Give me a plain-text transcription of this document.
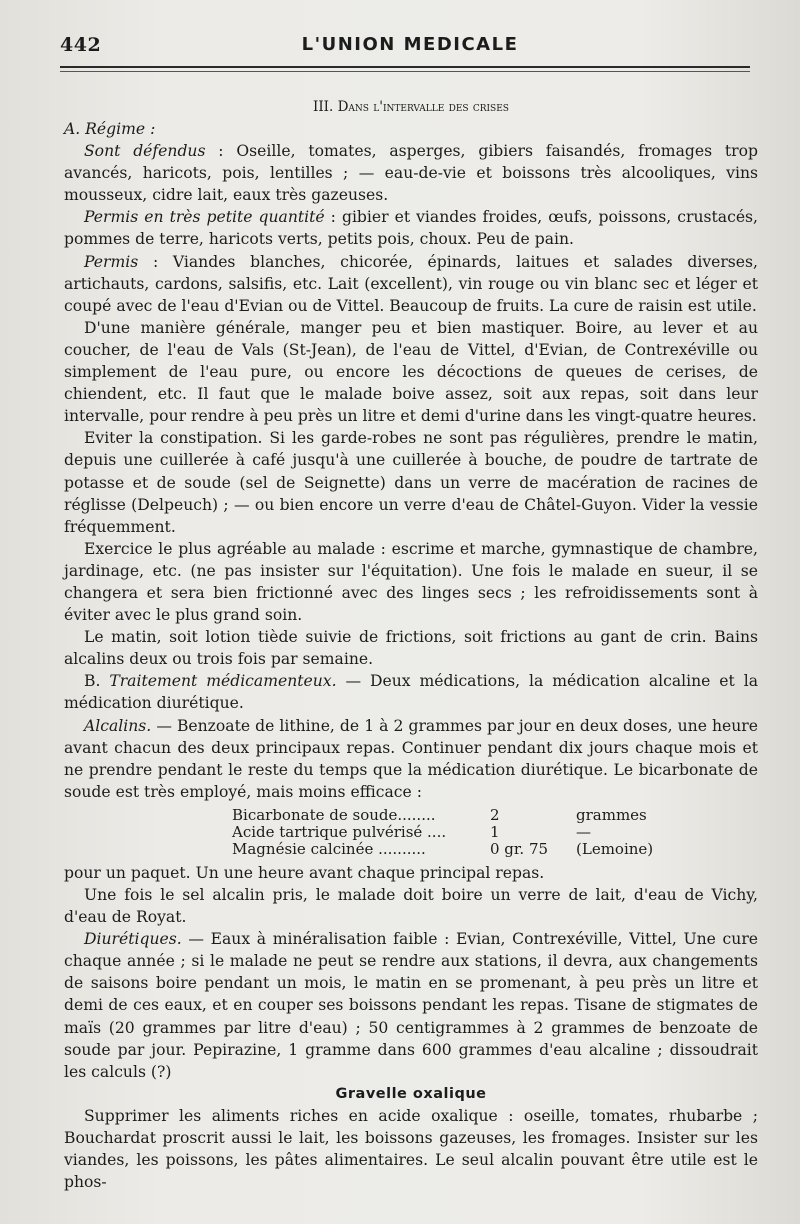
442	L'UNION MEDICALE

III. Dans l'intervalle des crises

A. Régime :

Sont défendus : Oseille, tomates, asperges, gibiers faisandés, fromages trop avancés, haricots, pois, lentilles ; — eau-de-vie et boissons très alcooliques, vins mousseux, cidre lait, eaux très gazeuses.

Permis en très petite quantité : gibier et viandes froides, œufs, poissons, crustacés, pommes de terre, haricots verts, petits pois, choux. Peu de pain.

Permis : Viandes blanches, chicorée, épinards, laitues et salades diverses, artichauts, cardons, salsifis, etc. Lait (excellent), vin rouge ou vin blanc sec et léger et coupé avec de l'eau d'Evian ou de Vittel. Beaucoup de fruits. La cure de raisin est utile.

D'une manière générale, manger peu et bien mastiquer. Boire, au lever et au coucher, de l'eau de Vals (St-Jean), de l'eau de Vittel, d'Evian, de Contrexéville ou simplement de l'eau pure, ou encore les décoctions de queues de cerises, de chiendent, etc. Il faut que le malade boive assez, soit aux repas, soit dans leur intervalle, pour rendre à peu près un litre et demi d'urine dans les vingt-quatre heures.

Eviter la constipation. Si les garde-robes ne sont pas régulières, prendre le matin, depuis une cuillerée à café jusqu'à une cuillerée à bouche, de poudre de tartrate de potasse et de soude (sel de Seignette) dans un verre de macération de racines de réglisse (Delpeuch) ; — ou bien encore un verre d'eau de Châtel-Guyon. Vider la vessie fréquemment.

Exercice le plus agréable au malade : escrime et marche, gymnastique de chambre, jardinage, etc. (ne pas insister sur l'équitation). Une fois le malade en sueur, il se changera et sera bien frictionné avec des linges secs ; les refroidissements sont à éviter avec le plus grand soin.

Le matin, soit lotion tiède suivie de frictions, soit frictions au gant de crin. Bains alcalins deux ou trois fois par semaine.

B. Traitement médicamenteux. — Deux médications, la médication alcaline et la médication diurétique.

Alcalins. — Benzoate de lithine, de 1 à 2 grammes par jour en deux doses, une heure avant chacun des deux principaux repas. Continuer pendant dix jours chaque mois et ne prendre pendant le reste du temps que la médication diurétique. Le bicarbonate de soude est très employé, mais moins efficace :

Bicarbonate de soude........	2	grammes
Acide tartrique pulvérisé ....	1	—
Magnésie calcinée ..........	0 gr. 75	(Lemoine)

pour un paquet. Un une heure avant chaque principal repas.

Une fois le sel alcalin pris, le malade doit boire un verre de lait, d'eau de Vichy, d'eau de Royat.

Diurétiques. — Eaux à minéralisation faible : Evian, Contrexéville, Vittel, Une cure chaque année ; si le malade ne peut se rendre aux stations, il devra, aux changements de saisons boire pendant un mois, le matin en se promenant, à peu près un litre et demi de ces eaux, et en couper ses boissons pendant les repas. Tisane de stigmates de maïs (20 grammes par litre d'eau) ; 50 centigrammes à 2 grammes de benzoate de soude par jour. Pepirazine, 1 gramme dans 600 grammes d'eau alcaline ; dissoudrait les calculs (?)

Gravelle oxalique

Supprimer les aliments riches en acide oxalique : oseille, tomates, rhubarbe ; Bouchardat proscrit aussi le lait, les boissons gazeuses, les fromages. Insister sur les viandes, les poissons, les pâtes alimentaires. Le seul alcalin pouvant être utile est le phos-
